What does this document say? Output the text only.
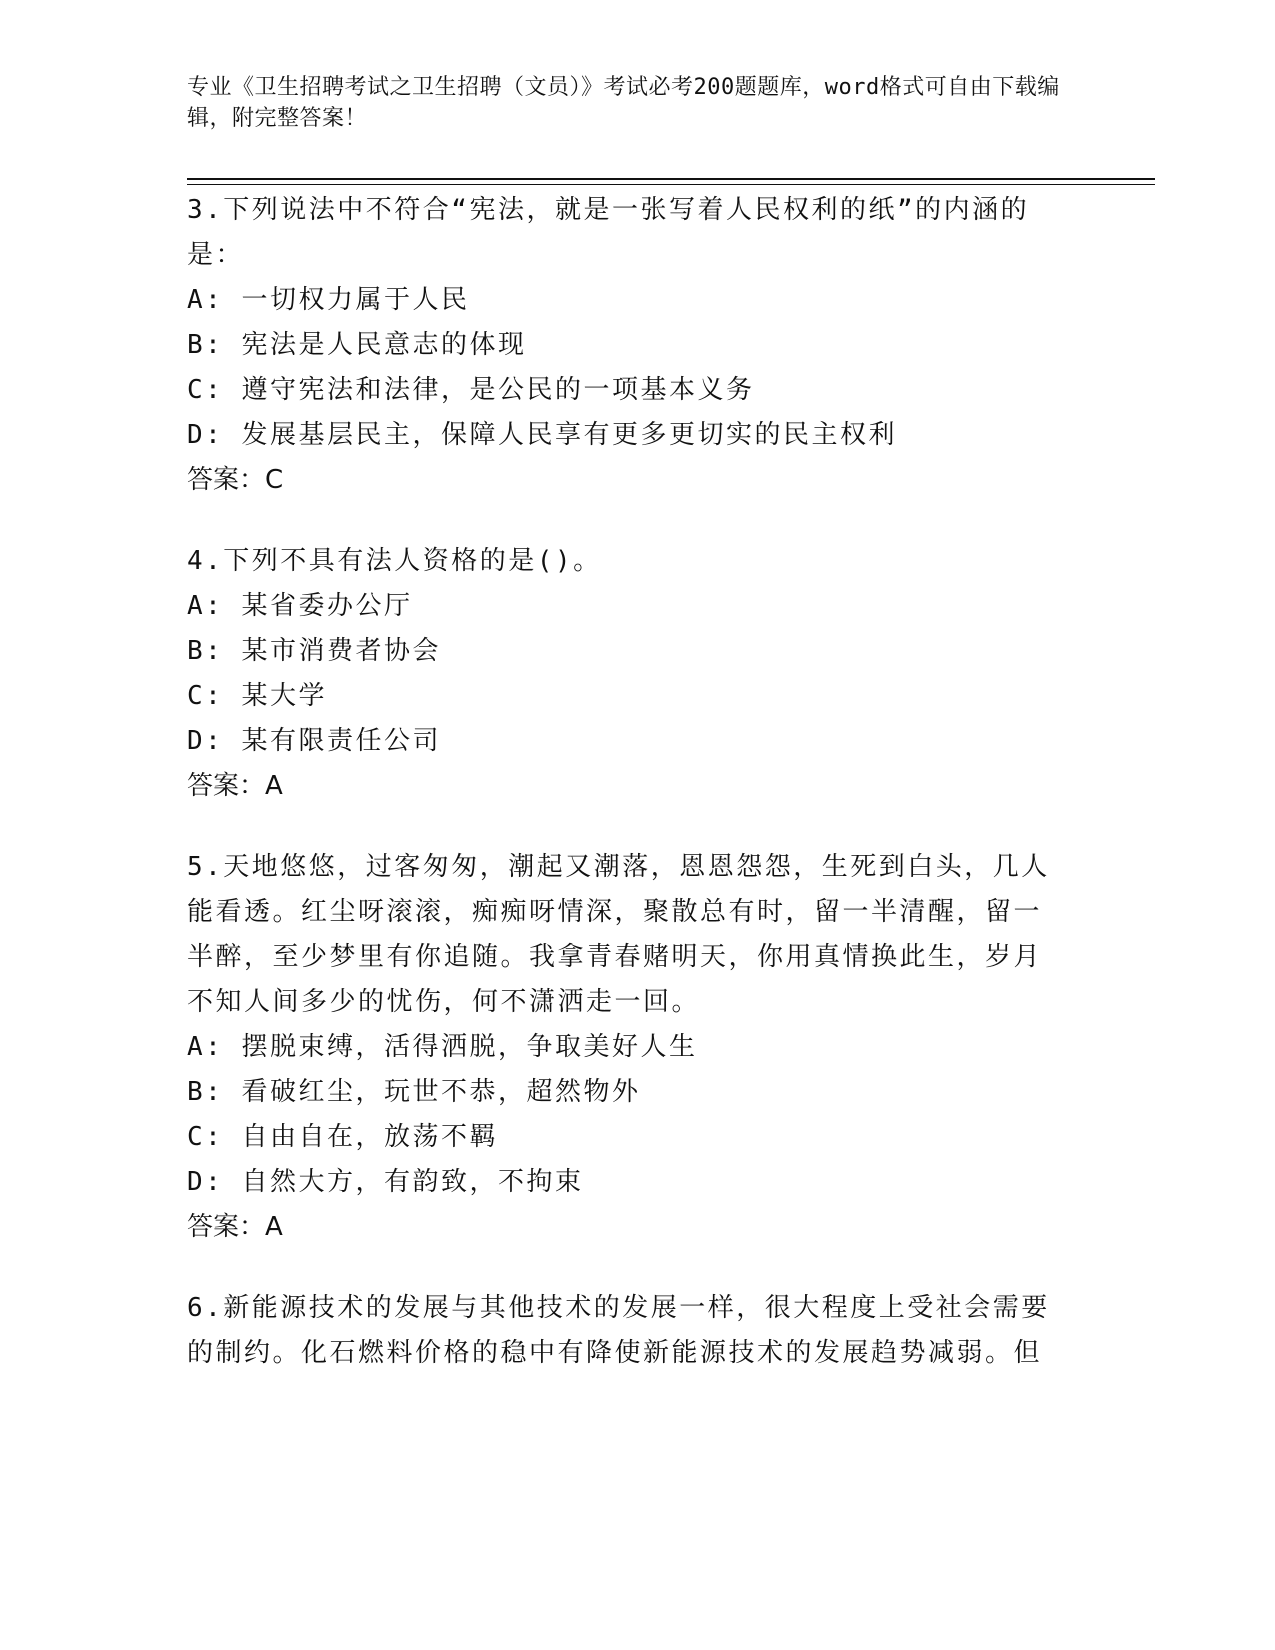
专业《卫生招聘考试之卫生招聘（文员）》考试必考200题题库，word格式可自由下载编辑，附完整答案！

3.下列说法中不符合“宪法，就是一张写着人民权利的纸”的内涵的是：

A: 一切权力属于人民

B: 宪法是人民意志的体现

C: 遵守宪法和法律，是公民的一项基本义务

D: 发展基层民主，保障人民享有更多更切实的民主权利

答案：C

4.下列不具有法人资格的是()。

A: 某省委办公厅

B: 某市消费者协会

C: 某大学

D: 某有限责任公司

答案：A

5.天地悠悠，过客匆匆，潮起又潮落，恩恩怨怨，生死到白头，几人能看透。红尘呀滚滚，痴痴呀情深，聚散总有时，留一半清醒，留一半醉，至少梦里有你追随。我拿青春赌明天，你用真情换此生，岁月不知人间多少的忧伤，何不潇洒走一回。

A: 摆脱束缚，活得洒脱，争取美好人生

B: 看破红尘，玩世不恭，超然物外

C: 自由自在，放荡不羁

D: 自然大方，有韵致，不拘束

答案：A

6.新能源技术的发展与其他技术的发展一样，很大程度上受社会需要的制约。化石燃料价格的稳中有降使新能源技术的发展趋势减弱。但
